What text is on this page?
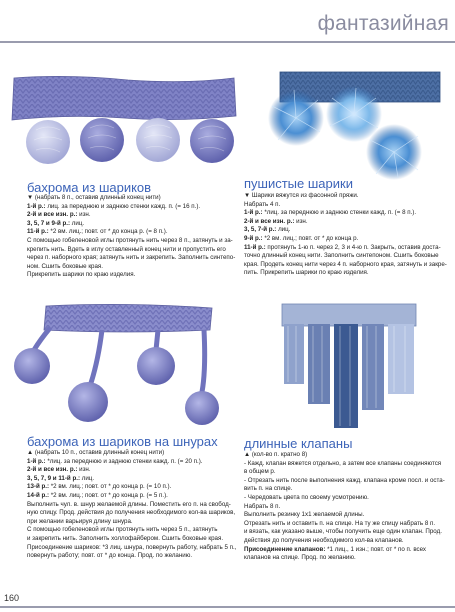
фантазийная
бахрома из шариков
▼ (набрать 8 п., оставив длинный конец нити)
1-й р.: лиц. за переднюю и заднюю стенки кажд. п. (= 16 п.).
2-й и все изн. р.: изн.
3, 5, 7 и 9-й р.: лиц.
11-й р.: *2 вм. лиц.; повт. от * до конца р. (= 8 п.).
С помощью гобеленовой иглы протянуть нить через 8 п., затянуть и за-
крепить нить. Вдеть в иглу оставленный конец нити и пропустить его
через п. наборного края; затянуть нить и закрепить. Заполнить синтепо-
ном. Сшить боковые края.
Прикрепить шарики по краю изделия.
пушистые шарики
▼ Шарики вяжутся из фасонной пряжи.
Набрать 4 п.
1-й р.: *лиц. за переднюю и заднюю стенки кажд. п. (= 8 п.).
2-й и все изн. р.: изн.
3, 5, 7-й р.: лиц.
9-й р.: *2 вм. лиц.; повт. от * до конца р.
11-й р.: протянуть 1-ю п. через 2, 3 и 4-ю п. Закрыть, оставив доста-
точно длинный конец нити. Заполнить синтепоном. Сшить боковые
края. Продеть конец нити через 4 п. наборного края, затянуть и закре-
пить. Прикрепить шарики по краю изделия.
бахрома из шариков на шнурах
▲ (набрать 10 п., оставив длинный конец нити)
1-й р.: *лиц. за переднюю и заднюю стенки кажд. п. (= 20 п.).
2-й и все изн. р.: изн.
3, 5, 7, 9 и 11-й р.: лиц.
13-й р.: *2 вм. лиц.; повт. от * до конца р. (= 10 п.).
14-й р.: *2 вм. лиц.; повт. от * до конца р. (= 5 п.).
Выполнить чул. в. шнур желаемой длины. Поместить его п. на свобод-
ную спицу. Прод. действия до получения необходимого кол-ва шариков,
при желании варьируя длину шнура.
С помощью гобеленовой иглы протянуть нить через 5 п., затянуть
и закрепить нить. Заполнить холлофайбером. Сшить боковые края.
Присоединение шариков: *3 лиц. шнура, повернуть работу, набрать 5 п.,
повернуть работу; повт. от * до конца. Прод. по желанию.
длинные клапаны
▲ (кол-во п. кратно 8)
- Кажд. клапан вяжется отдельно, а затем все клапаны соединяются
в общем р.
- Отрезать нить после выполнения кажд. клапана кроме посл. и оста-
вить п. на спице.
- Чередовать цвета по своему усмотрению.
Набрать 8 п.
Выполнить резинку 1х1 желаемой длины.
Отрезать нить и оставить п. на спице. На ту же спицу набрать 8 п.
и вязать, как указано выше, чтобы получить еще один клапан. Прод.
действия до получения необходимого кол-ва клапанов.
Присоединение клапанов: *1 лиц., 1 изн.; повт. от * по п. всех
клапанов на спице. Прод. по желанию.
160
